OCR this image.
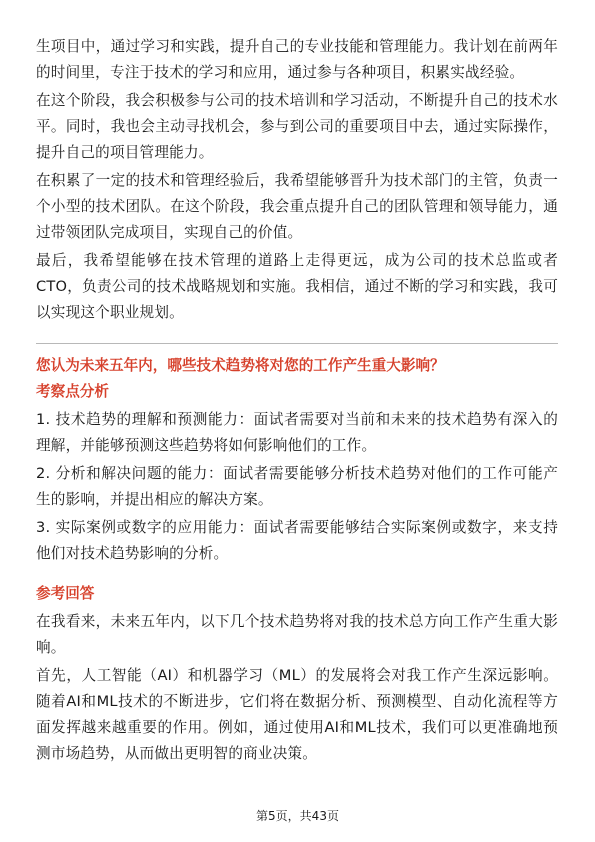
生项目中，通过学习和实践，提升自己的专业技能和管理能力。我计划在前两年的时间里，专注于技术的学习和应用，通过参与各种项目，积累实战经验。

在这个阶段，我会积极参与公司的技术培训和学习活动，不断提升自己的技术水平。同时，我也会主动寻找机会，参与到公司的重要项目中去，通过实际操作，提升自己的项目管理能力。

在积累了一定的技术和管理经验后，我希望能够晋升为技术部门的主管，负责一个小型的技术团队。在这个阶段，我会重点提升自己的团队管理和领导能力，通过带领团队完成项目，实现自己的价值。

最后，我希望能够在技术管理的道路上走得更远，成为公司的技术总监或者CTO，负责公司的技术战略规划和实施。我相信，通过不断的学习和实践，我可以实现这个职业规划。

您认为未来五年内，哪些技术趋势将对您的工作产生重大影响？
考察点分析

1. 技术趋势的理解和预测能力：面试者需要对当前和未来的技术趋势有深入的理解，并能够预测这些趋势将如何影响他们的工作。

2. 分析和解决问题的能力：面试者需要能够分析技术趋势对他们的工作可能产生的影响，并提出相应的解决方案。

3. 实际案例或数字的应用能力：面试者需要能够结合实际案例或数字，来支持他们对技术趋势影响的分析。

参考回答

在我看来，未来五年内，以下几个技术趋势将对我的技术总方向工作产生重大影响。

首先，人工智能（AI）和机器学习（ML）的发展将会对我工作产生深远影响。随着AI和ML技术的不断进步，它们将在数据分析、预测模型、自动化流程等方面发挥越来越重要的作用。例如，通过使用AI和ML技术，我们可以更准确地预测市场趋势，从而做出更明智的商业决策。

第5页，共43页
